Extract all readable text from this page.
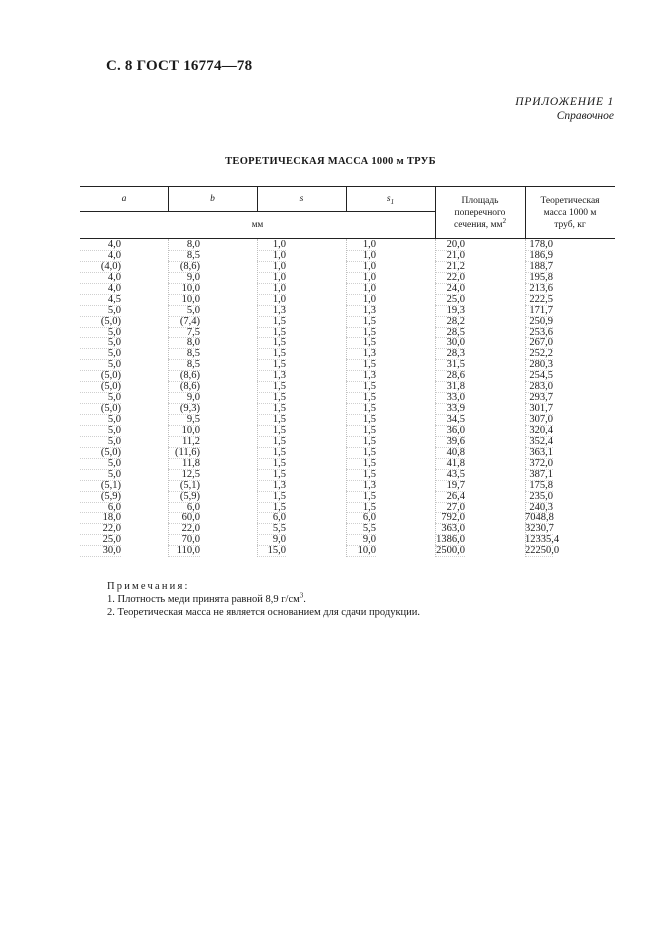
С. 8 ГОСТ 16774—78
ПРИЛОЖЕНИЕ 1
Справочное
ТЕОРЕТИЧЕСКАЯ МАССА 1000 м ТРУБ
a	b	s	$s_1$
мм
Площадь
поперечного
сечения, $мм^2$
Теоретическая
масса 1000 м
труб, кг
4,0	8,0	1,0	1,0	20,0	178,0
4,0	8,5	1,0	1,0	21,0	186,9
(4,0)	(8,6)	1,0	1,0	21,2	188,7
4,0	9,0	1,0	1,0	22,0	195,8
4,0	10,0	1,0	1,0	24,0	213,6
4,5	10,0	1,0	1,0	25,0	222,5
5,0	5,0	1,3	1,3	19,3	171,7
(5,0)	(7,4)	1,5	1,5	28,2	250,9
5,0	7,5	1,5	1,5	28,5	253,6
5,0	8,0	1,5	1,5	30,0	267,0
5,0	8,5	1,5	1,3	28,3	252,2
5,0	8,5	1,5	1,5	31,5	280,3
(5,0)	(8,6)	1,3	1,3	28,6	254,5
(5,0)	(8,6)	1,5	1,5	31,8	283,0
5,0	9,0	1,5	1,5	33,0	293,7
(5,0)	(9,3)	1,5	1,5	33,9	301,7
5,0	9,5	1,5	1,5	34,5	307,0
5,0	10,0	1,5	1,5	36,0	320,4
5,0	11,2	1,5	1,5	39,6	352,4
(5,0)	(11,6)	1,5	1,5	40,8	363,1
5,0	11,8	1,5	1,5	41,8	372,0
5,0	12,5	1,5	1,5	43,5	387,1
(5,1)	(5,1)	1,3	1,3	19,7	175,8
(5,9)	(5,9)	1,5	1,5	26,4	235,0
6,0	6,0	1,5	1,5	27,0	240,3
18,0	60,0	6,0	6,0	792,0	7048,8
22,0	22,0	5,5	5,5	363,0	3230,7
25,0	70,0	9,0	9,0	1386,0	12335,4
30,0	110,0	15,0	10,0	2500,0	22250,0
Примечания:
1. Плотность меди принята равной 8,9 $г/см^3$.
2. Теоретическая масса не является основанием для сдачи продукции.
